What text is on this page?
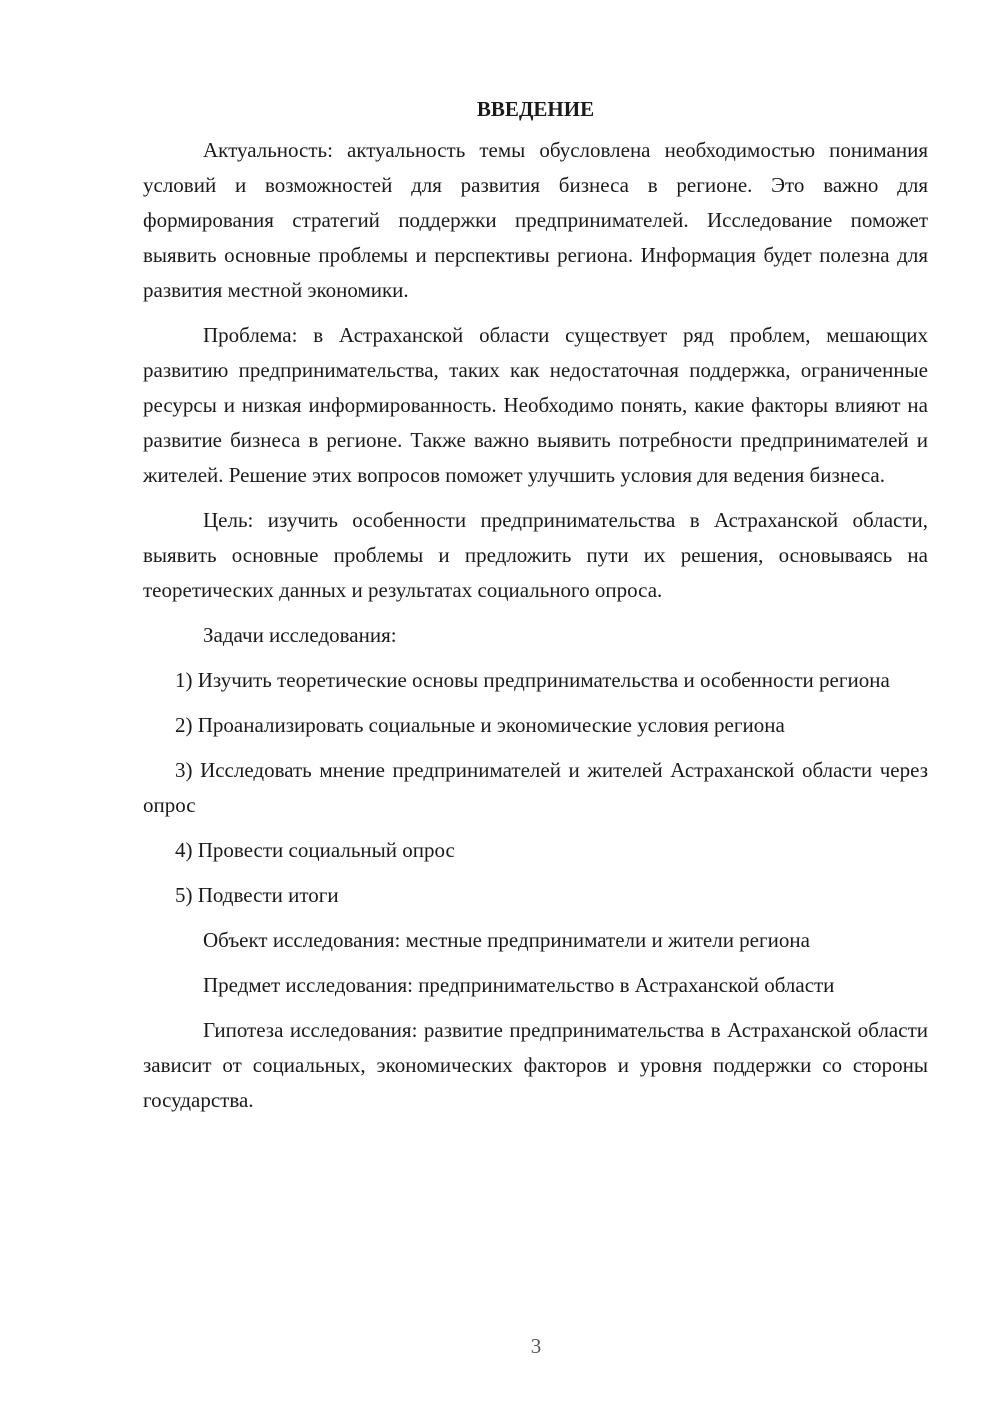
ВВЕДЕНИЕ

Актуальность: актуальность темы обусловлена необходимостью понимания условий и возможностей для развития бизнеса в регионе. Это важно для формирования стратегий поддержки предпринимателей. Исследование поможет выявить основные проблемы и перспективы региона. Информация будет полезна для развития местной экономики.

Проблема: в Астраханской области существует ряд проблем, мешающих развитию предпринимательства, таких как недостаточная поддержка, ограниченные ресурсы и низкая информированность. Необходимо понять, какие факторы влияют на развитие бизнеса в регионе. Также важно выявить потребности предпринимателей и жителей. Решение этих вопросов поможет улучшить условия для ведения бизнеса.

Цель: изучить особенности предпринимательства в Астраханской области, выявить основные проблемы и предложить пути их решения, основываясь на теоретических данных и результатах социального опроса.

Задачи исследования:

1) Изучить теоретические основы предпринимательства и особенности региона

2) Проанализировать социальные и экономические условия региона

3) Исследовать мнение предпринимателей и жителей Астраханской области через опрос

4) Провести социальный опрос

5) Подвести итоги

Объект исследования: местные предприниматели и жители региона

Предмет исследования: предпринимательство в Астраханской области

Гипотеза исследования: развитие предпринимательства в Астраханской области зависит от социальных, экономических факторов и уровня поддержки со стороны государства.

3
